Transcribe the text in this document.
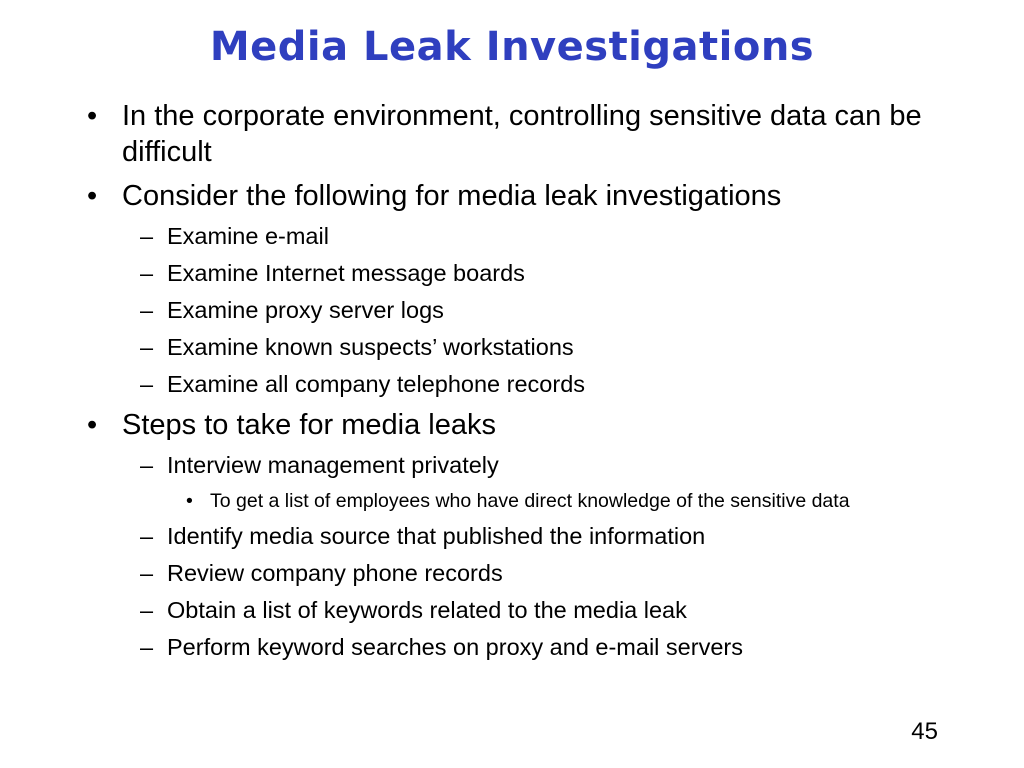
Media Leak Investigations
• In the corporate environment, controlling sensitive data can be difficult
• Consider the following for media leak investigations
– Examine e-mail
– Examine Internet message boards
– Examine proxy server logs
– Examine known suspects’ workstations
– Examine all company telephone records
• Steps to take for media leaks
– Interview management privately
• To get a list of employees who have direct knowledge of the sensitive data
– Identify media source that published the information
– Review company phone records
– Obtain a list of keywords related to the media leak
– Perform keyword searches on proxy and e-mail servers
45
